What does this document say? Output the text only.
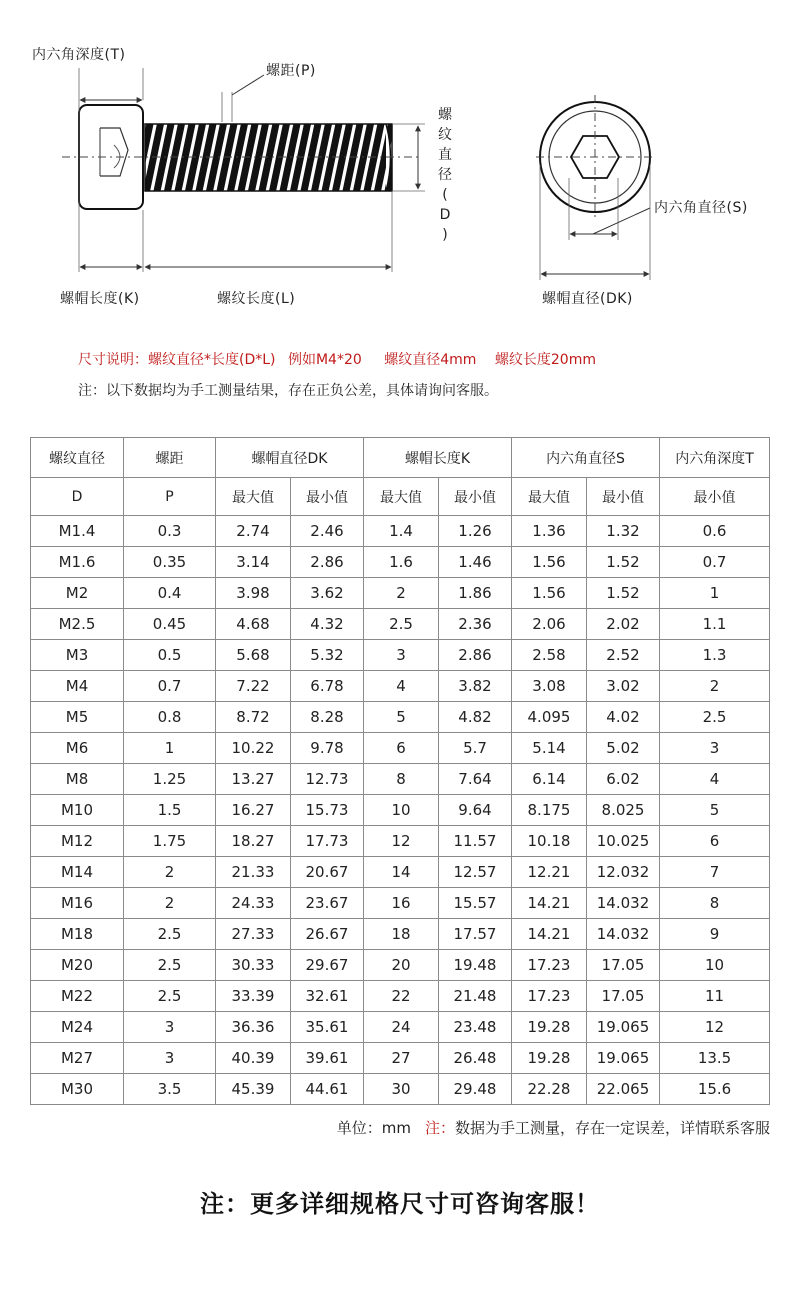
内六角深度(T)
螺距(P)
螺
纹
直
径
(
D
)
螺帽长度(K)	螺纹长度(L)
内六角直径(S)
螺帽直径(DK)
尺寸说明：螺纹直径*长度(D*L) 例如M4*20 螺纹直径4mm 螺纹长度20mm
注：以下数据均为手工测量结果，存在正负公差，具体请询问客服。
螺纹直径	螺距	螺帽直径DK		螺帽长度K		内六角直径S		内六角深度T
D	P	最大值	最小值	最大值	最小值	最大值	最小值	最小值
M1.4	0.3	2.74	2.46	1.4	1.26	1.36	1.32	0.6
M1.6	0.35	3.14	2.86	1.6	1.46	1.56	1.52	0.7
M2	0.4	3.98	3.62	2	1.86	1.56	1.52	1
M2.5	0.45	4.68	4.32	2.5	2.36	2.06	2.02	1.1
M3	0.5	5.68	5.32	3	2.86	2.58	2.52	1.3
M4	0.7	7.22	6.78	4	3.82	3.08	3.02	2
M5	0.8	8.72	8.28	5	4.82	4.095	4.02	2.5
M6	1	10.22	9.78	6	5.7	5.14	5.02	3
M8	1.25	13.27	12.73	8	7.64	6.14	6.02	4
M10	1.5	16.27	15.73	10	9.64	8.175	8.025	5
M12	1.75	18.27	17.73	12	11.57	10.18	10.025	6
M14	2	21.33	20.67	14	12.57	12.21	12.032	7
M16	2	24.33	23.67	16	15.57	14.21	14.032	8
M18	2.5	27.33	26.67	18	17.57	14.21	14.032	9
M20	2.5	30.33	29.67	20	19.48	17.23	17.05	10
M22	2.5	33.39	32.61	22	21.48	17.23	17.05	11
M24	3	36.36	35.61	24	23.48	19.28	19.065	12
M27	3	40.39	39.61	27	26.48	19.28	19.065	13.5
M30	3.5	45.39	44.61	30	29.48	22.28	22.065	15.6
单位：mm 注：数据为手工测量，存在一定误差，详情联系客服
注：更多详细规格尺寸可咨询客服！
